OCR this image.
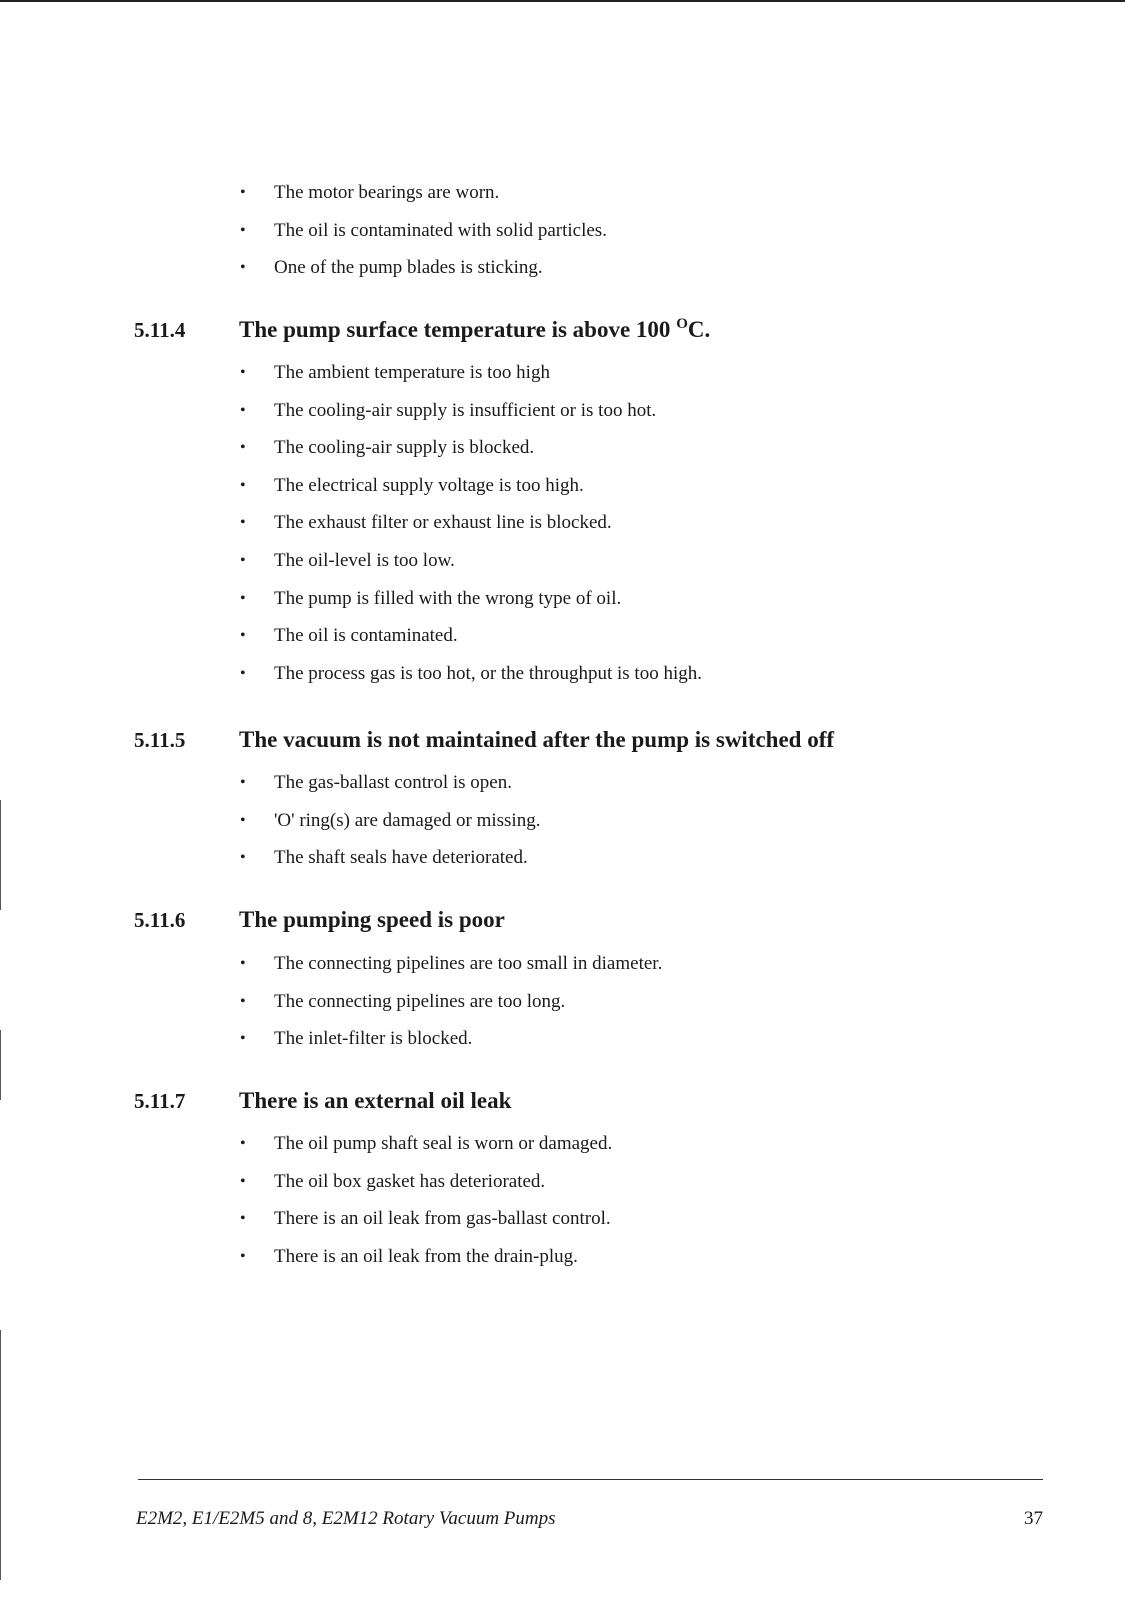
• The motor bearings are worn.
• The oil is contaminated with solid particles.
• One of the pump blades is sticking.
5.11.4 The pump surface temperature is above 100 $^O$C.
• The ambient temperature is too high
• The cooling-air supply is insufficient or is too hot.
• The cooling-air supply is blocked.
• The electrical supply voltage is too high.
• The exhaust filter or exhaust line is blocked.
• The oil-level is too low.
• The pump is filled with the wrong type of oil.
• The oil is contaminated.
• The process gas is too hot, or the throughput is too high.
5.11.5 The vacuum is not maintained after the pump is switched off
• The gas-ballast control is open.
• 'O' ring(s) are damaged or missing.
• The shaft seals have deteriorated.
5.11.6 The pumping speed is poor
• The connecting pipelines are too small in diameter.
• The connecting pipelines are too long.
• The inlet-filter is blocked.
5.11.7 There is an external oil leak
• The oil pump shaft seal is worn or damaged.
• The oil box gasket has deteriorated.
• There is an oil leak from gas-ballast control.
• There is an oil leak from the drain-plug.
E2M2, E1/E2M5 and 8, E2M12 Rotary Vacuum Pumps	37
